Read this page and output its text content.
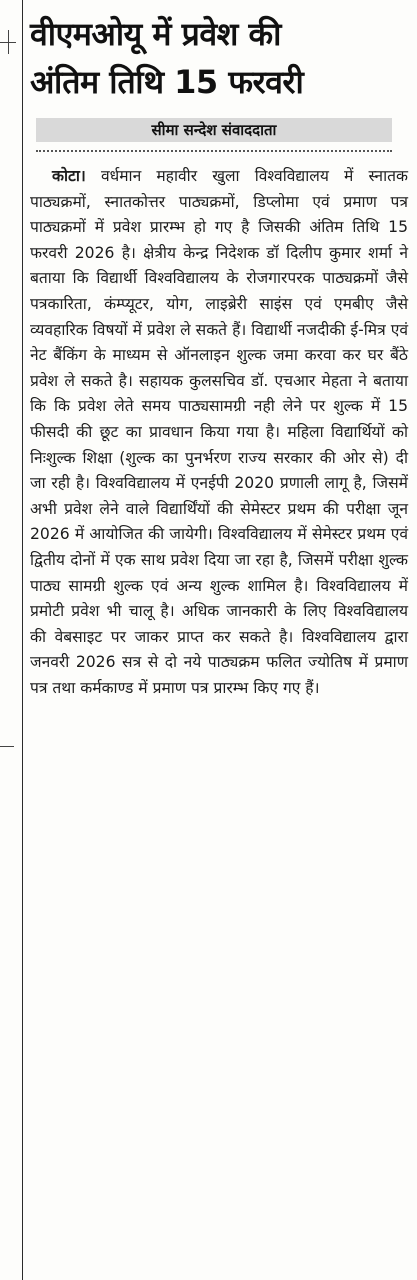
वीएमओयू में प्रवेश की
अंतिम तिथि 15 फरवरी
सीमा सन्देश संवाददाता

कोटा। वर्धमान महावीर खुला विश्वविद्यालय में स्नातक पाठ्यक्रमों, स्नातकोत्तर पाठ्यक्रमों, डिप्लोमा एवं प्रमाण पत्र पाठ्यक्रमों में प्रवेश प्रारम्भ हो गए है जिसकी अंतिम तिथि 15 फरवरी 2026 है। क्षेत्रीय केन्द्र निदेशक डॉ दिलीप कुमार शर्मा ने बताया कि विद्यार्थी विश्वविद्यालय के रोजगारपरक पाठ्यक्रमों जैसे पत्रकारिता, कंम्प्यूटर, योग, लाइब्रेरी साइंस एवं एमबीए जैसे व्यवहारिक विषयों में प्रवेश ले सकते हैं। विद्यार्थी नजदीकी ई-मित्र एवं नेट बैंकिंग के माध्यम से ऑनलाइन शुल्क जमा करवा कर घर बैंठे प्रवेश ले सकते है। सहायक कुलसचिव डॉ. एचआर मेहता ने बताया कि कि प्रवेश लेते समय पाठ्यसामग्री नही लेने पर शुल्क में 15 फीसदी की छूट का प्रावधान किया गया है। महिला विद्यार्थियों को निःशुल्क शिक्षा (शुल्क का पुनर्भरण राज्य सरकार की ओर से) दी जा रही है। विश्वविद्यालय में एनईपी 2020 प्रणाली लागू है, जिसमें अभी प्रवेश लेने वाले विद्यार्थिंयों की सेमेस्टर प्रथम की परीक्षा जून 2026 में आयोजित की जायेगी। विश्वविद्यालय में सेमेस्टर प्रथम एवं द्वितीय दोनों में एक साथ प्रवेश दिया जा रहा है, जिसमें परीक्षा शुल्क पाठ्य सामग्री शुल्क एवं अन्य शुल्क शामिल है। विश्वविद्यालय में प्रमोटी प्रवेश भी चालू है। अधिक जानकारी के लिए विश्वविद्यालय की वेबसाइट पर जाकर प्राप्त कर सकते है। विश्वविद्यालय द्वारा जनवरी 2026 सत्र से दो नये पाठ्यक्रम फलित ज्योतिष में प्रमाण पत्र तथा कर्मकाण्ड में प्रमाण पत्र प्रारम्भ किए गए हैं।
